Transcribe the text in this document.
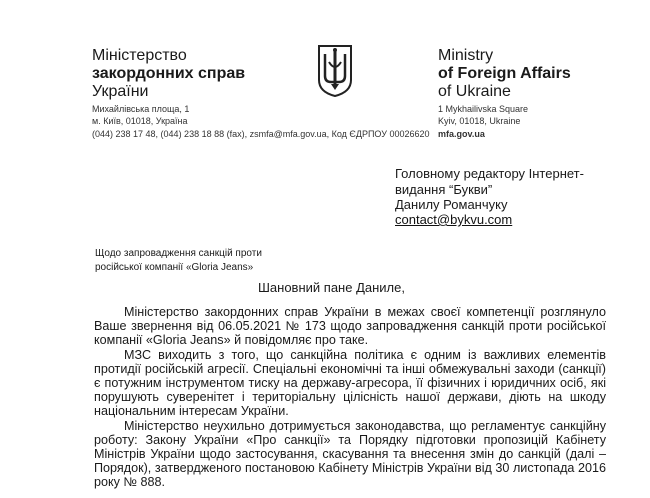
Міністерство
закордонних справ
України
Михайлівська площа, 1
м. Київ, 01018, Україна
(044) 238 17 48, (044) 238 18 88 (fax), zsmfa@mfa.gov.ua, Код ЄДРПОУ 00026620
Ministry
of Foreign Affairs
of Ukraine
1 Mykhailivska Square
Kyiv, 01018, Ukraine
mfa.gov.ua
Головному редактору Інтернет-
видання “Букви”
Данилу Романчуку
contact@bykvu.com
Щодо запровадження санкцій проти
російської компанії «Gloria Jeans»
Шановний пане Даниле,

Міністерство закордонних справ України в межах своєї компетенції розглянуло Ваше звернення від 06.05.2021 № 173 щодо запровадження санкцій проти російської компанії «Gloria Jeans» й повідомляє про таке.

МЗС виходить з того, що санкційна політика є одним із важливих елементів протидії російській агресії. Спеціальні економічні та інші обмежувальні заходи (санкції) є потужним інструментом тиску на державу-агресора, її фізичних і юридичних осіб, які порушують суверенітет і територіальну цілісність нашої держави, діють на шкоду національним інтересам України.

Міністерство неухильно дотримується законодавства, що регламентує санкційну роботу: Закону України «Про санкції» та Порядку підготовки пропозицій Кабінету Міністрів України щодо застосування, скасування та внесення змін до санкцій (далі – Порядок), затвердженого постановою Кабінету Міністрів України від 30 листопада 2016 року № 888.
